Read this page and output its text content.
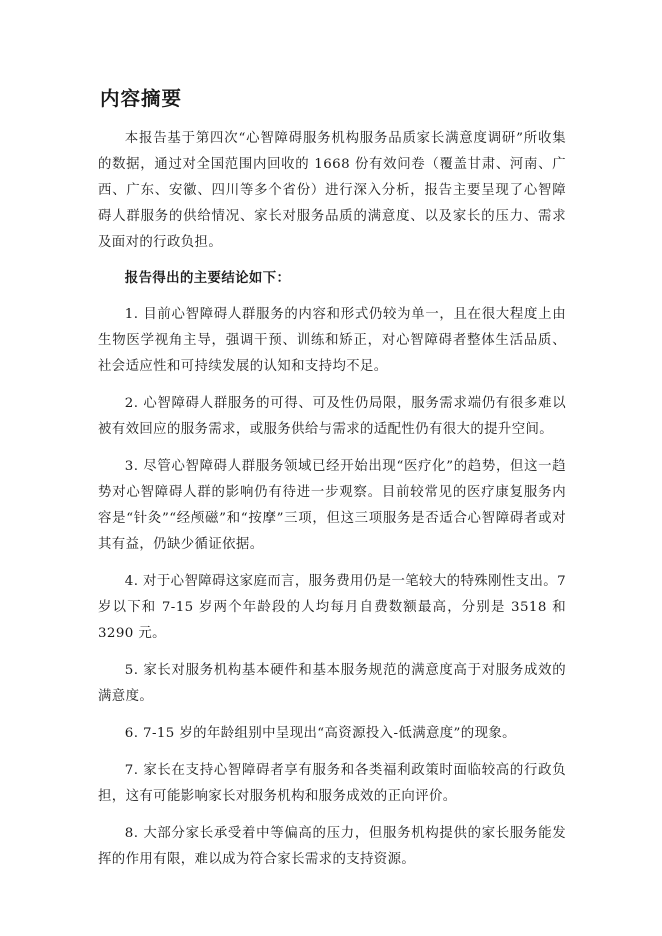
内容摘要

本报告基于第四次“心智障碍服务机构服务品质家长满意度调研”所收集的数据，通过对全国范围内回收的 1668 份有效问卷（覆盖甘肃、河南、广西、广东、安徽、四川等多个省份）进行深入分析，报告主要呈现了心智障碍人群服务的供给情况、家长对服务品质的满意度、以及家长的压力、需求及面对的行政负担。

报告得出的主要结论如下：

1. 目前心智障碍人群服务的内容和形式仍较为单一，且在很大程度上由生物医学视角主导，强调干预、训练和矫正，对心智障碍者整体生活品质、社会适应性和可持续发展的认知和支持均不足。

2. 心智障碍人群服务的可得、可及性仍局限，服务需求端仍有很多难以被有效回应的服务需求，或服务供给与需求的适配性仍有很大的提升空间。

3. 尽管心智障碍人群服务领域已经开始出现“医疗化”的趋势，但这一趋势对心智障碍人群的影响仍有待进一步观察。目前较常见的医疗康复服务内容是“针灸”“经颅磁”和“按摩”三项，但这三项服务是否适合心智障碍者或对其有益，仍缺少循证依据。

4. 对于心智障碍这家庭而言，服务费用仍是一笔较大的特殊刚性支出。7 岁以下和 7-15 岁两个年龄段的人均每月自费数额最高，分别是 3518 和 3290 元。

5. 家长对服务机构基本硬件和基本服务规范的满意度高于对服务成效的满意度。

6. 7-15 岁的年龄组别中呈现出“高资源投入-低满意度”的现象。

7. 家长在支持心智障碍者享有服务和各类福利政策时面临较高的行政负担，这有可能影响家长对服务机构和服务成效的正向评价。

8. 大部分家长承受着中等偏高的压力，但服务机构提供的家长服务能发挥的作用有限，难以成为符合家长需求的支持资源。
